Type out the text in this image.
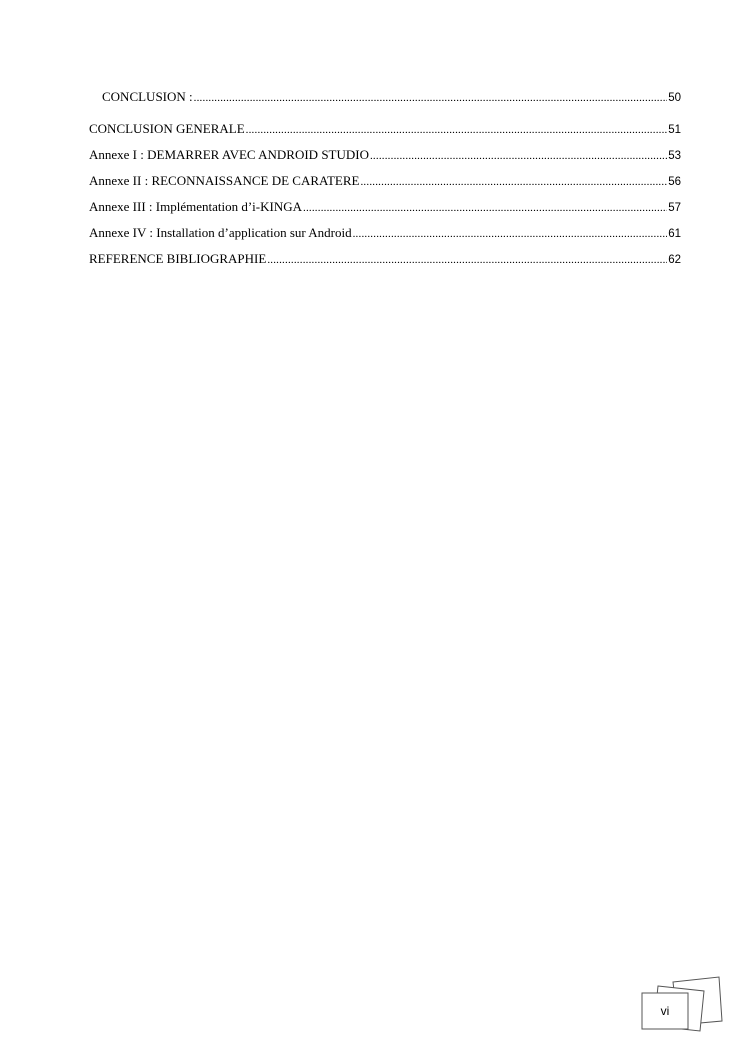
CONCLUSION : .....	50
CONCLUSION GENERALE .....	51
Annexe I : DEMARRER AVEC ANDROID STUDIO .....	53
Annexe II : RECONNAISSANCE DE CARATERE .....	56
Annexe III : Implémentation d’i-KINGA .....	57
Annexe IV : Installation d’application sur Android .....	61
REFERENCE BIBLIOGRAPHIE .....	62
vi
